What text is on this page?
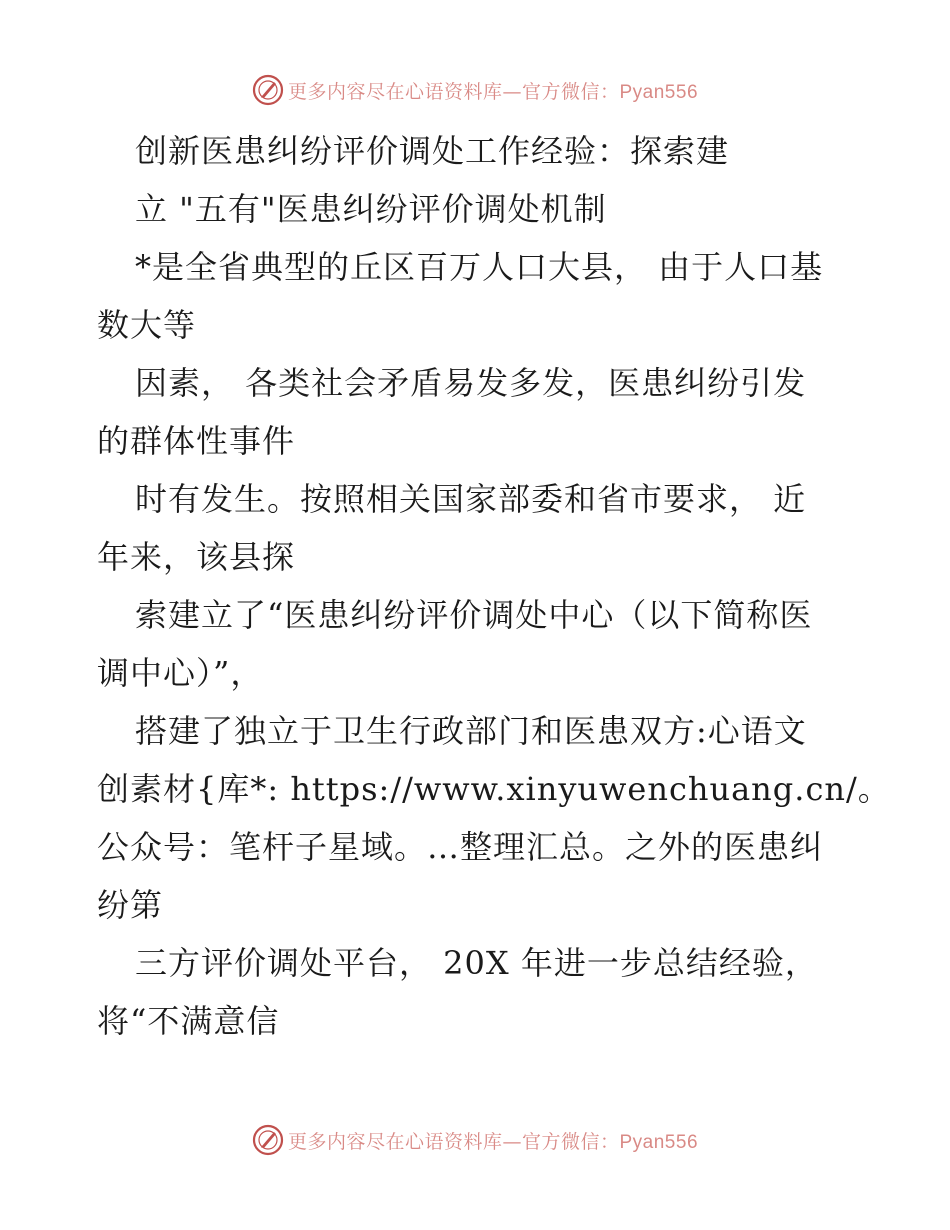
更多内容尽在心语资料库—官方微信：Pyan556
创新医患纠纷评价调处工作经验：探索建
立 "五有"医患纠纷评价调处机制
*是全省典型的丘区百万人口大县， 由于人口基
数大等
因素， 各类社会矛盾易发多发，医患纠纷引发
的群体性事件
时有发生。按照相关国家部委和省市要求， 近
年来，该县探
索建立了“医患纠纷评价调处中心（以下简称医
调中心）”，
搭建了独立于卫生行政部门和医患双方:心语文
创素材{库*: https://www.xinyuwenchuang.cn/。
公众号：笔杆子星域。…整理汇总。之外的医患纠
纷第
三方评价调处平台， 20X 年进一步总结经验，
将“不满意信
更多内容尽在心语资料库—官方微信：Pyan556
